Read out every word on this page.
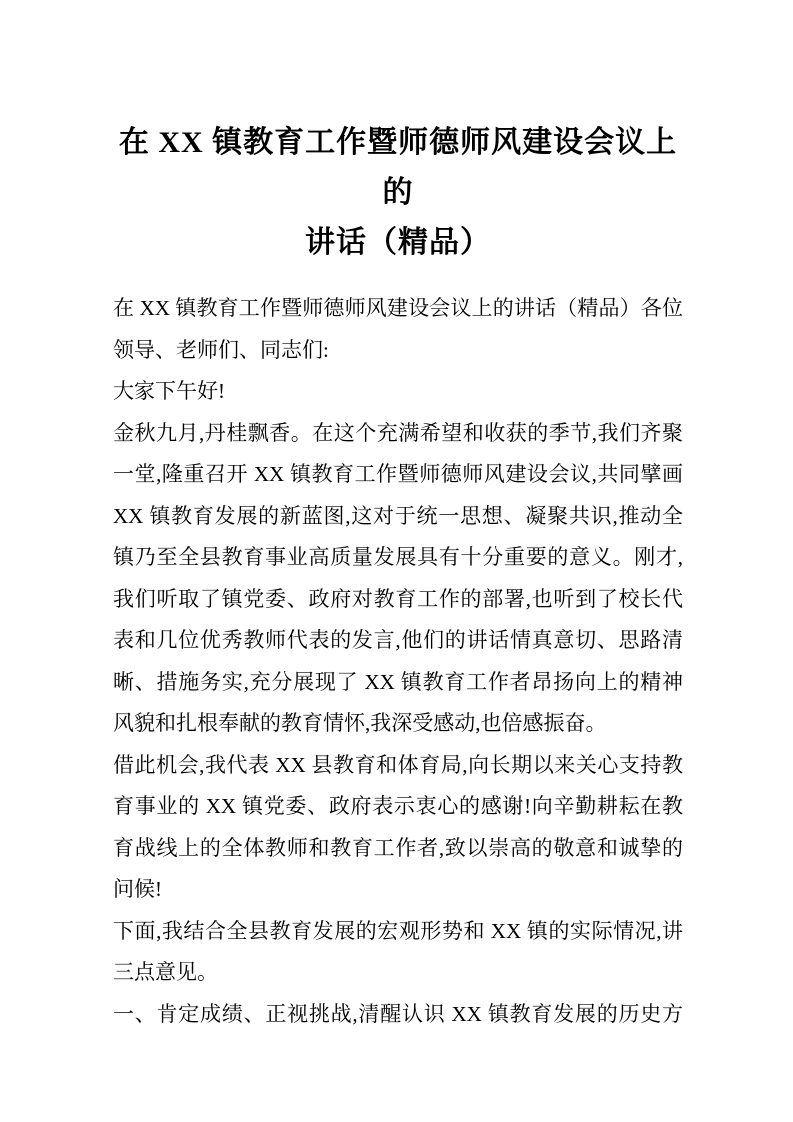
在 XX 镇教育工作暨师德师风建设会议上的
讲话（精品）

在 XX 镇教育工作暨师德师风建设会议上的讲话（精品）各位领导、老师们、同志们:

大家下午好!

金秋九月,丹桂飘香。在这个充满希望和收获的季节,我们齐聚一堂,隆重召开 XX 镇教育工作暨师德师风建设会议,共同擘画 XX 镇教育发展的新蓝图,这对于统一思想、凝聚共识,推动全镇乃至全县教育事业高质量发展具有十分重要的意义。刚才,我们听取了镇党委、政府对教育工作的部署,也听到了校长代表和几位优秀教师代表的发言,他们的讲话情真意切、思路清晰、措施务实,充分展现了 XX 镇教育工作者昂扬向上的精神风貌和扎根奉献的教育情怀,我深受感动,也倍感振奋。

借此机会,我代表 XX 县教育和体育局,向长期以来关心支持教育事业的 XX 镇党委、政府表示衷心的感谢!向辛勤耕耘在教育战线上的全体教师和教育工作者,致以崇高的敬意和诚挚的问候!

下面,我结合全县教育发展的宏观形势和 XX 镇的实际情况,讲三点意见。

一、肯定成绩、正视挑战,清醒认识 XX 镇教育发展的历史方
